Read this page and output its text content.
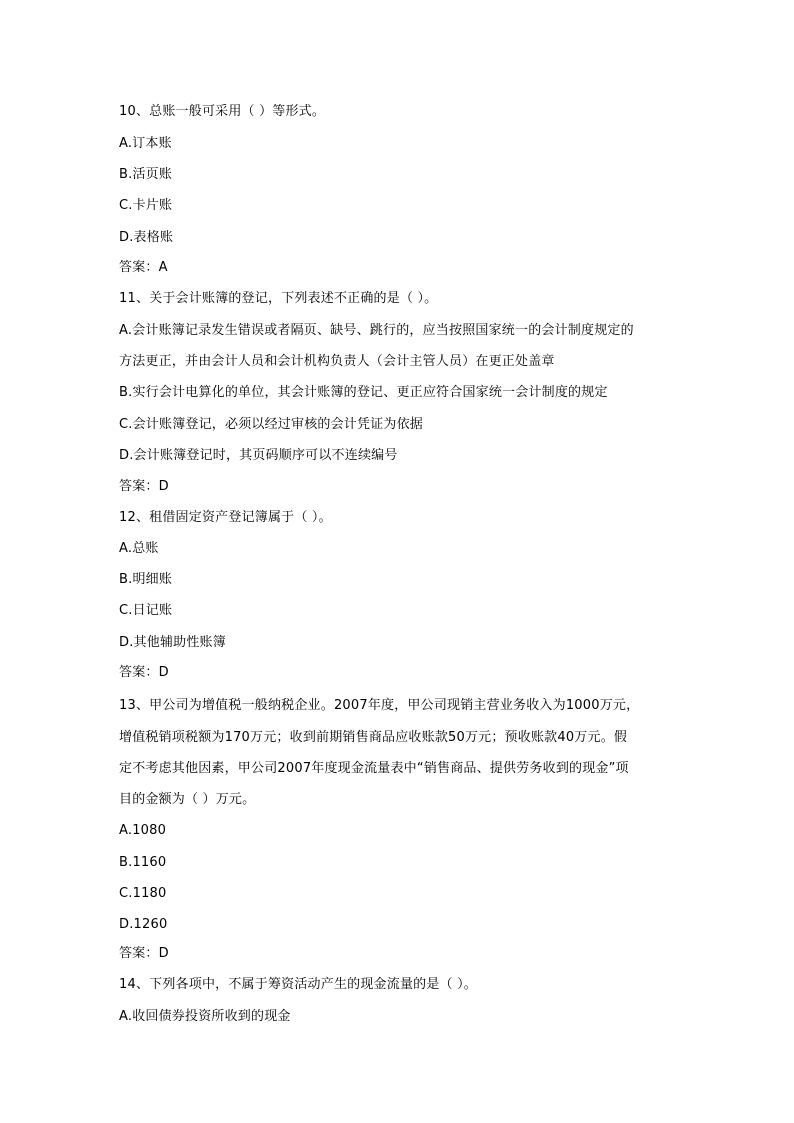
10、总账一般可采用（ ）等形式。
A.订本账
B.活页账
C.卡片账
D.表格账
答案：A
11、关于会计账簿的登记，下列表述不正确的是（ ）。
A.会计账簿记录发生错误或者隔页、缺号、跳行的，应当按照国家统一的会计制度规定的
方法更正，并由会计人员和会计机构负责人（会计主管人员）在更正处盖章
B.实行会计电算化的单位，其会计账簿的登记、更正应符合国家统一会计制度的规定
C.会计账簿登记，必须以经过审核的会计凭证为依据
D.会计账簿登记时，其页码顺序可以不连续编号
答案：D
12、租借固定资产登记簿属于（ ）。
A.总账
B.明细账
C.日记账
D.其他辅助性账簿
答案：D
13、甲公司为增值税一般纳税企业。2007年度，甲公司现销主营业务收入为1000万元，
增值税销项税额为170万元；收到前期销售商品应收账款50万元；预收账款40万元。假
定不考虑其他因素，甲公司2007年度现金流量表中“销售商品、提供劳务收到的现金”项
目的金额为（ ）万元。
A.1080
B.1160
C.1180
D.1260
答案：D
14、下列各项中，不属于筹资活动产生的现金流量的是（ ）。
A.收回债券投资所收到的现金
